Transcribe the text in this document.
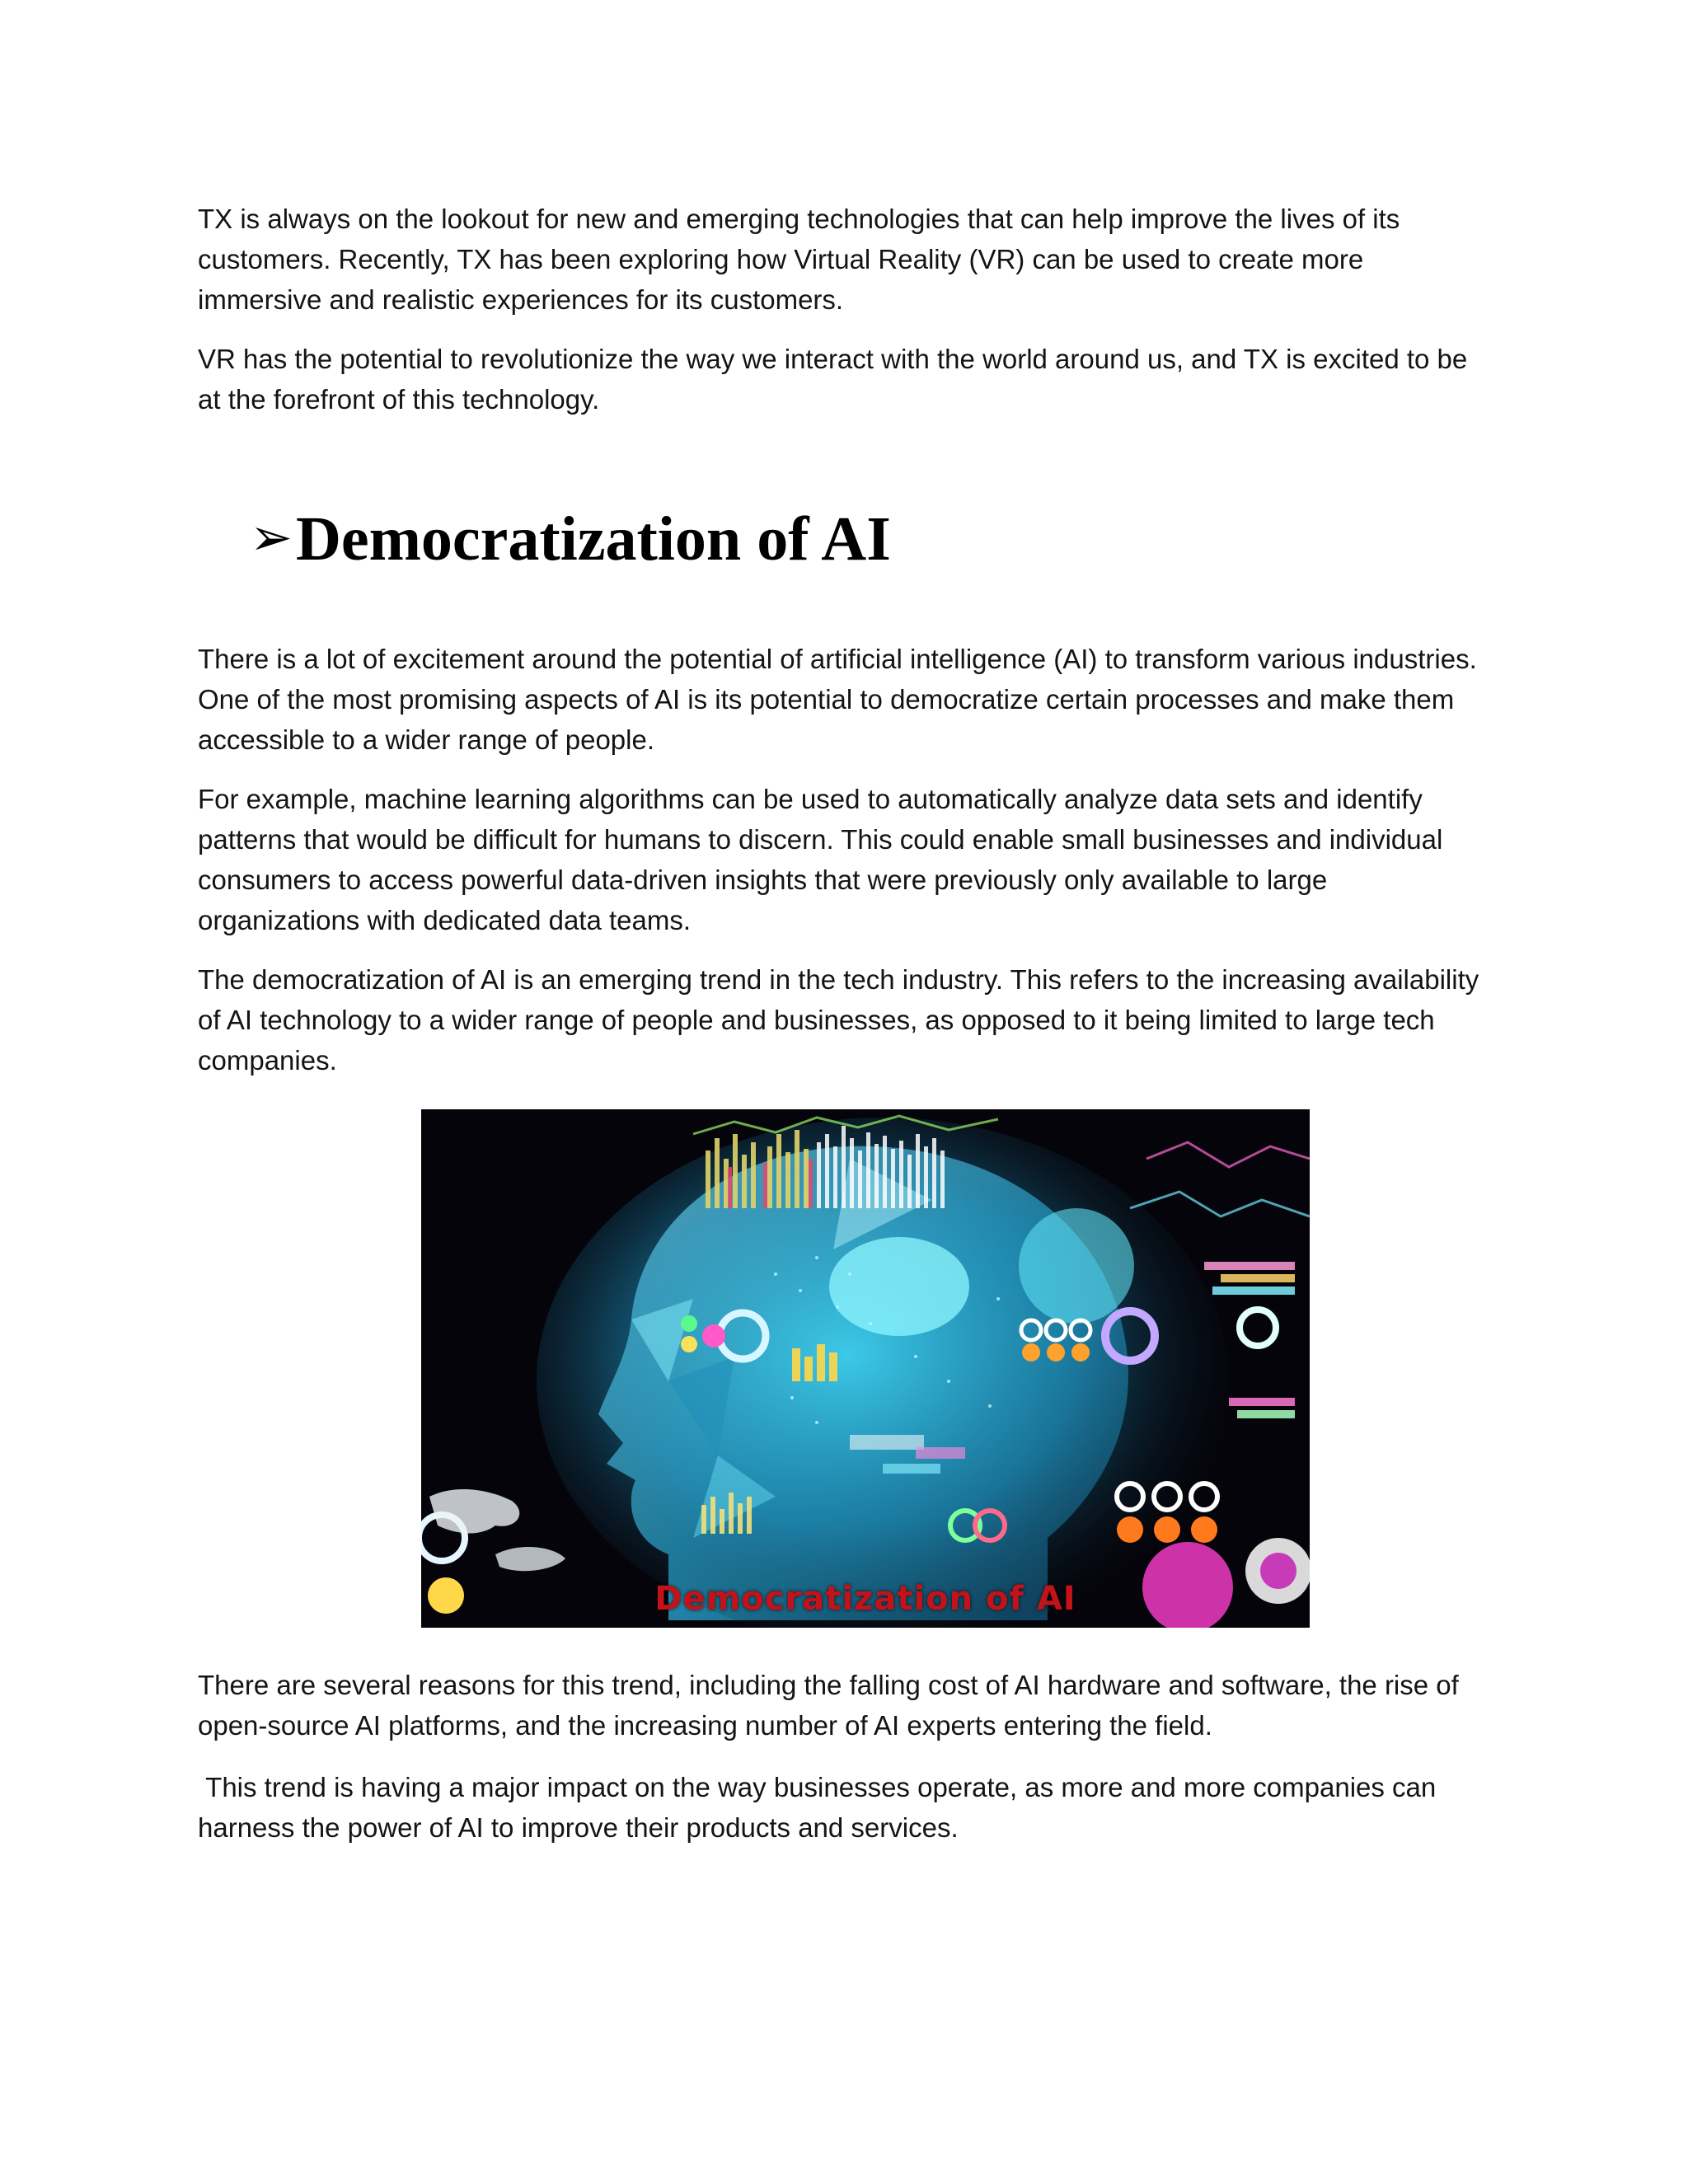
TX is always on the lookout for new and emerging technologies that can help improve the lives of its customers. Recently, TX has been exploring how Virtual Reality (VR) can be used to create more immersive and realistic experiences for its customers.

VR has the potential to revolutionize the way we interact with the world around us, and TX is excited to be at the forefront of this technology.

➢ Democratization of AI

There is a lot of excitement around the potential of artificial intelligence (AI) to transform various industries. One of the most promising aspects of AI is its potential to democratize certain processes and make them accessible to a wider range of people.

For example, machine learning algorithms can be used to automatically analyze data sets and identify patterns that would be difficult for humans to discern. This could enable small businesses and individual consumers to access powerful data-driven insights that were previously only available to large organizations with dedicated data teams.

The democratization of AI is an emerging trend in the tech industry. This refers to the increasing availability of AI technology to a wider range of people and businesses, as opposed to it being limited to large tech companies.

Democratization of AI

There are several reasons for this trend, including the falling cost of AI hardware and software, the rise of open-source AI platforms, and the increasing number of AI experts entering the field.

This trend is having a major impact on the way businesses operate, as more and more companies can harness the power of AI to improve their products and services.
